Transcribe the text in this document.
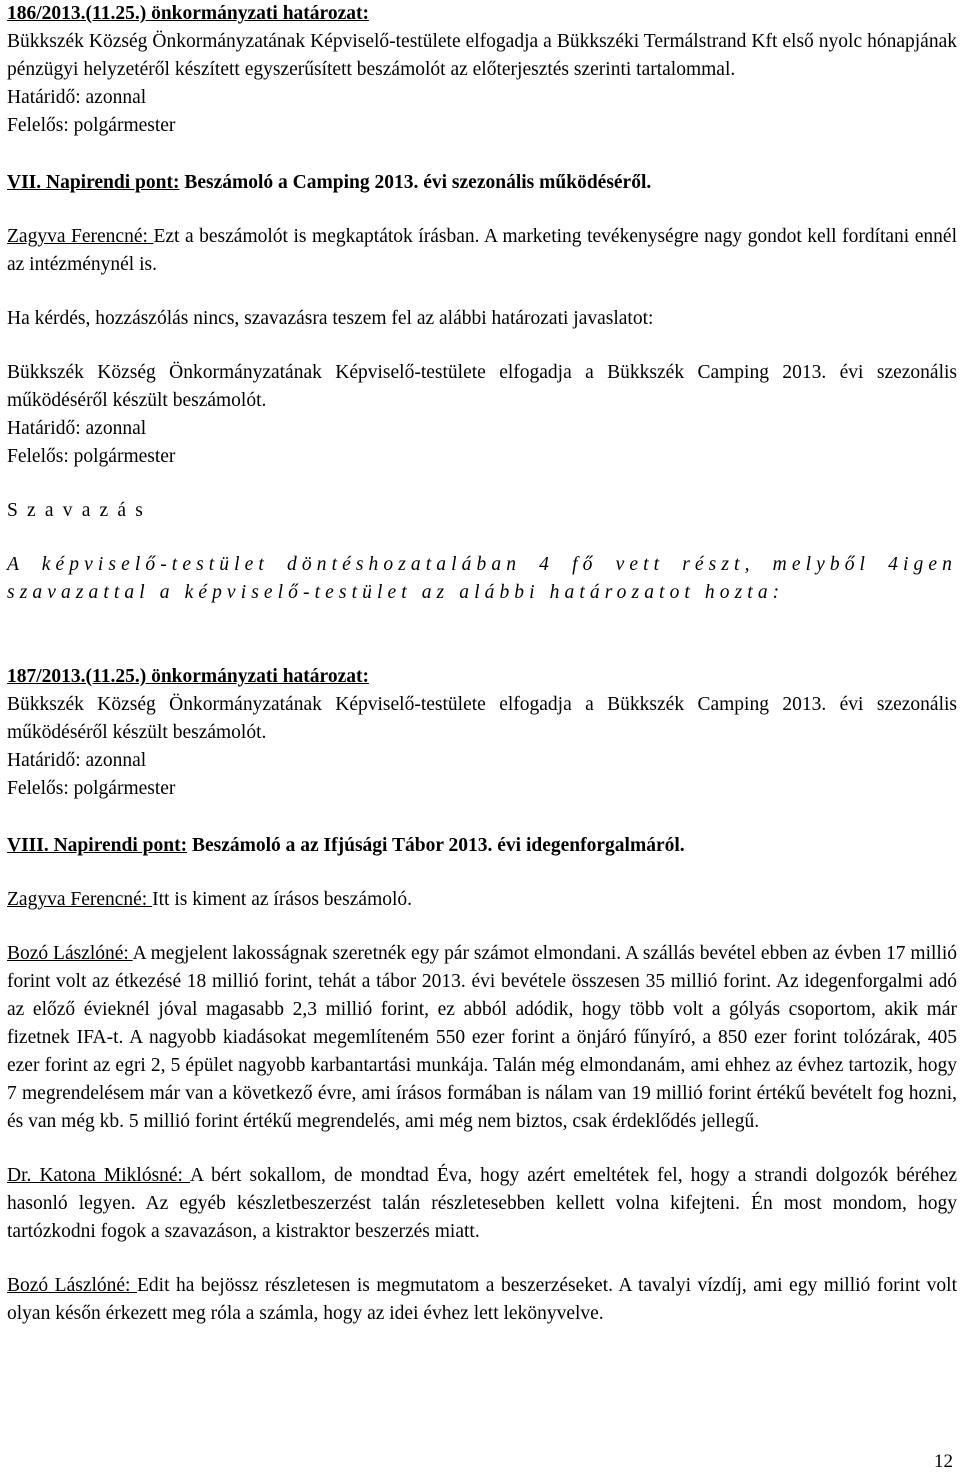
186/2013.(11.25.) önkormányzati határozat:

Bükkszék Község Önkormányzatának Képviselő-testülete elfogadja a Bükkszéki Termálstrand Kft első nyolc hónapjának pénzügyi helyzetéről készített egyszerűsített beszámolót az előterjesztés szerinti tartalommal.

Határidő: azonnal

Felelős: polgármester

VII. Napirendi pont: Beszámoló a Camping 2013. évi szezonális működéséről.

Zagyva Ferencné: Ezt a beszámolót is megkaptátok írásban. A marketing tevékenységre nagy gondot kell fordítani ennél az intézménynél is.

Ha kérdés, hozzászólás nincs, szavazásra teszem fel az alábbi határozati javaslatot:

Bükkszék Község Önkormányzatának Képviselő-testülete elfogadja a Bükkszék Camping 2013. évi szezonális működéséről készült beszámolót.

Határidő: azonnal

Felelős: polgármester

Szavazás

A képviselő-testület döntéshozatalában 4 fő vett részt, melyből 4igen szavazattal a képviselő-testület az alábbi határozatot hozta:

187/2013.(11.25.) önkormányzati határozat:

Bükkszék Község Önkormányzatának Képviselő-testülete elfogadja a Bükkszék Camping 2013. évi szezonális működéséről készült beszámolót.

Határidő: azonnal

Felelős: polgármester

VIII. Napirendi pont: Beszámoló a az Ifjúsági Tábor 2013. évi idegenforgalmáról.

Zagyva Ferencné: Itt is kiment az írásos beszámoló.

Bozó Lászlóné: A megjelent lakosságnak szeretnék egy pár számot elmondani. A szállás bevétel ebben az évben 17 millió forint volt az étkezésé 18 millió forint, tehát a tábor 2013. évi bevétele összesen 35 millió forint. Az idegenforgalmi adó az előző évieknél jóval magasabb 2,3 millió forint, ez abból adódik, hogy több volt a gólyás csoportom, akik már fizetnek IFA-t. A nagyobb kiadásokat megemlíteném 550 ezer forint a önjáró fűnyíró, a 850 ezer forint tolózárak, 405 ezer forint az egri 2, 5 épület nagyobb karbantartási munkája. Talán még elmondanám, ami ehhez az évhez tartozik, hogy 7 megrendelésem már van a következő évre, ami írásos formában is nálam van 19 millió forint értékű bevételt fog hozni, és van még kb. 5 millió forint értékű megrendelés, ami még nem biztos, csak érdeklődés jellegű.

Dr. Katona Miklósné: A bért sokallom, de mondtad Éva, hogy azért emeltétek fel, hogy a strandi dolgozók béréhez hasonló legyen. Az egyéb készletbeszerzést talán részletesebben kellett volna kifejteni. Én most mondom, hogy tartózkodni fogok a szavazáson, a kistraktor beszerzés miatt.

Bozó Lászlóné: Edit ha bejössz részletesen is megmutatom a beszerzéseket. A tavalyi vízdíj, ami egy millió forint volt olyan későn érkezett meg róla a számla, hogy az idei évhez lett lekönyvelve.

12
